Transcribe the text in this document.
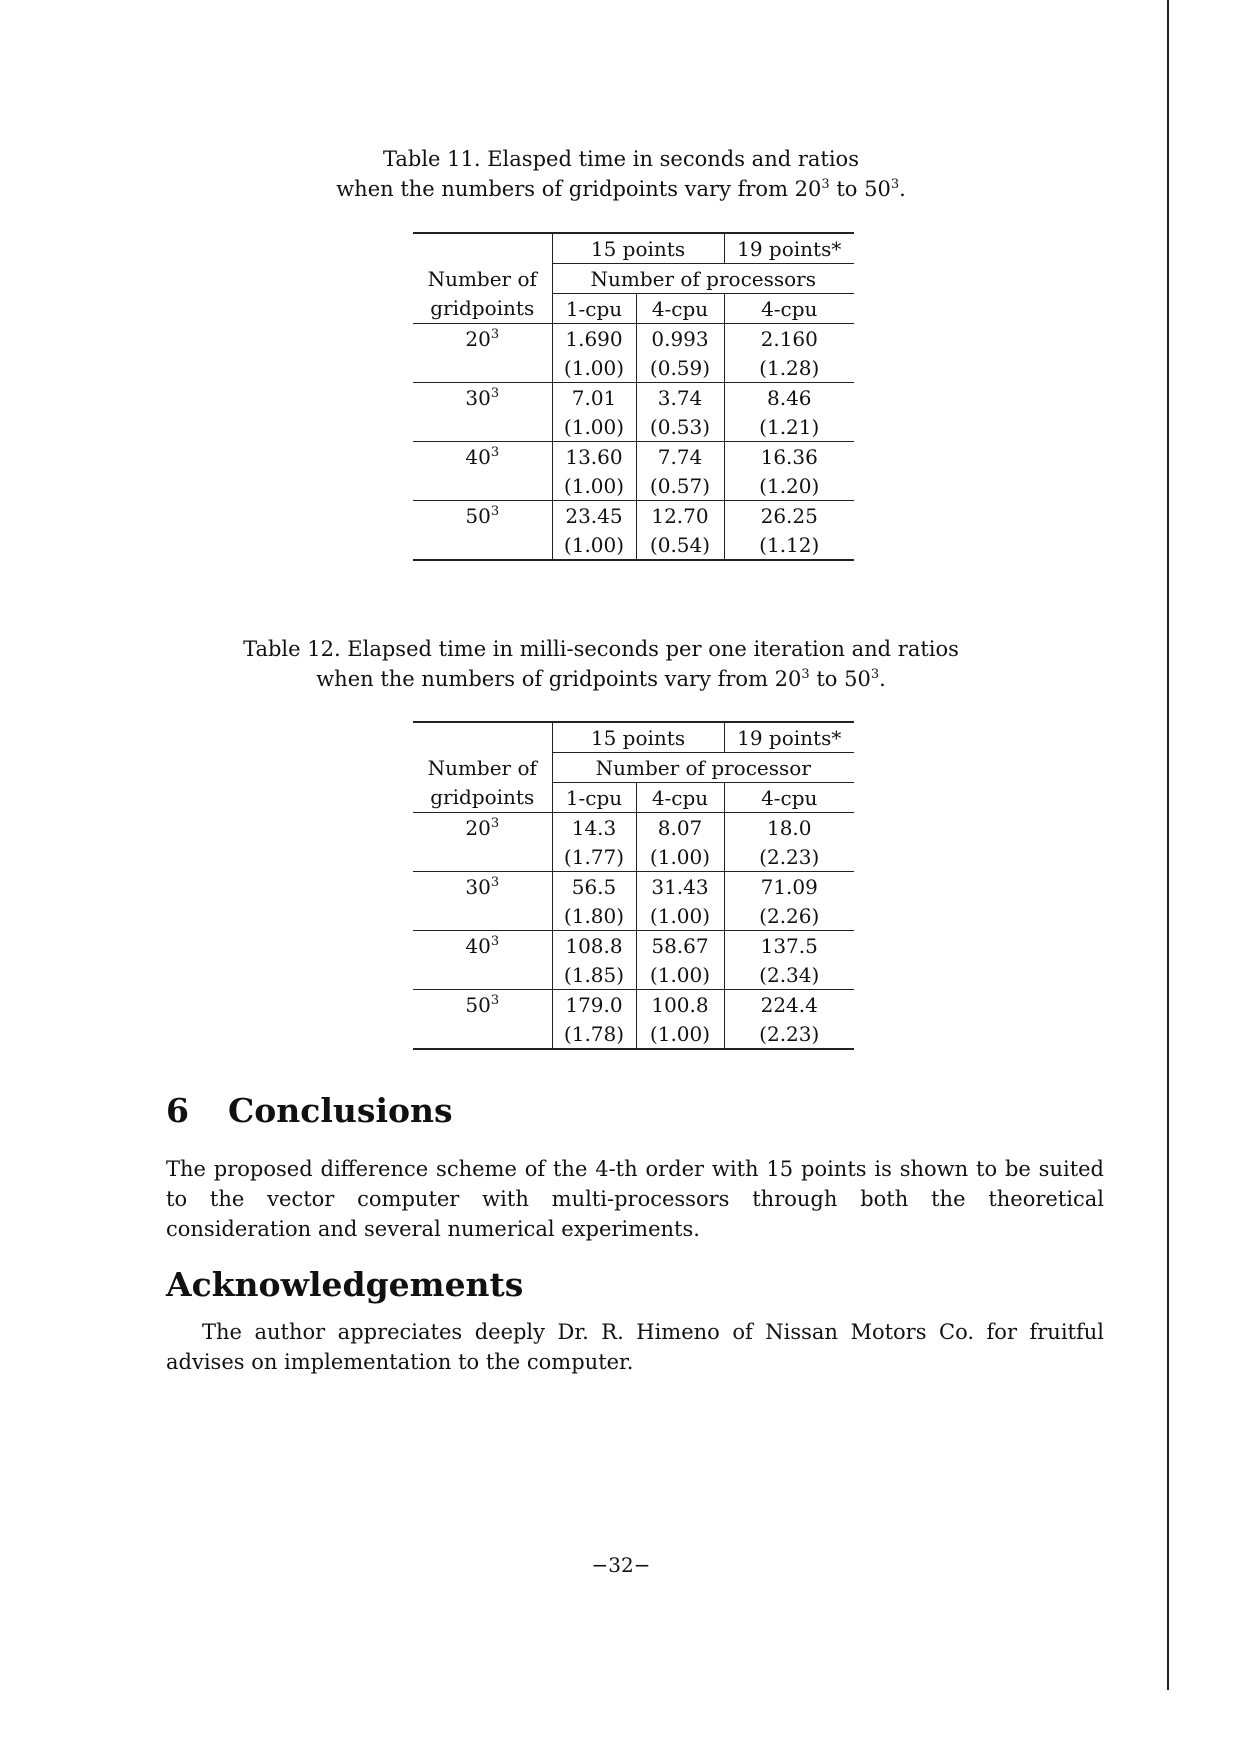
Table 11. Elasped time in seconds and ratios
when the numbers of gridpoints vary from $20^3$ to $50^3$.
	15 points		19 points*
Number of	Number of processors		
gridpoints	1-cpu	4-cpu	4-cpu
$20^3$	1.690	0.993	2.160
	(1.00)	(0.59)	(1.28)
$30^3$	7.01	3.74	8.46
	(1.00)	(0.53)	(1.21)
$40^3$	13.60	7.74	16.36
	(1.00)	(0.57)	(1.20)
$50^3$	23.45	12.70	26.25
	(1.00)	(0.54)	(1.12)
Table 12. Elapsed time in milli-seconds per one iteration and ratios
when the numbers of gridpoints vary from $20^3$ to $50^3$.
	15 points		19 points*
Number of	Number of processor		
gridpoints	1-cpu	4-cpu	4-cpu
$20^3$	14.3	8.07	18.0
	(1.77)	(1.00)	(2.23)
$30^3$	56.5	31.43	71.09
	(1.80)	(1.00)	(2.26)
$40^3$	108.8	58.67	137.5
	(1.85)	(1.00)	(2.34)
$50^3$	179.0	100.8	224.4
	(1.78)	(1.00)	(2.23)
6 Conclusions

The proposed difference scheme of the 4-th order with 15 points is shown to be suited to the vector computer with multi-processors through both the theoretical consideration and several numerical experiments.

Acknowledgements

The author appreciates deeply Dr. R. Himeno of Nissan Motors Co. for fruitful advises on implementation to the computer.

−32−
